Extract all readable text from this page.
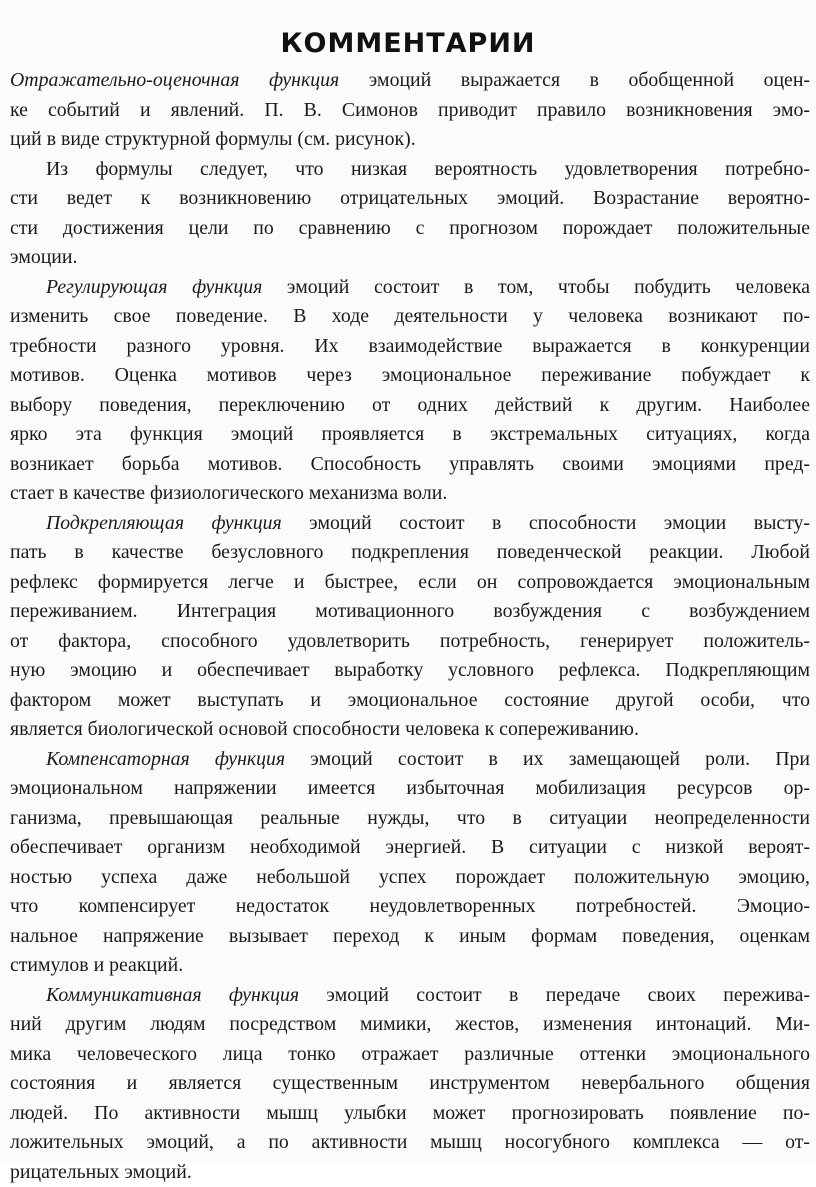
КОММЕНТАРИИ
Отражательно-оценочная функция эмоций выражается в обобщенной оцен-
ке событий и явлений. П. В. Симонов приводит правило возникновения эмо-
ций в виде структурной формулы (см. рисунок).
Из формулы следует, что низкая вероятность удовлетворения потребно-
сти ведет к возникновению отрицательных эмоций. Возрастание вероятно-
сти достижения цели по сравнению с прогнозом порождает положительные
эмоции.
Регулирующая функция эмоций состоит в том, чтобы побудить человека
изменить свое поведение. В ходе деятельности у человека возникают по-
требности разного уровня. Их взаимодействие выражается в конкуренции
мотивов. Оценка мотивов через эмоциональное переживание побуждает к
выбору поведения, переключению от одних действий к другим. Наиболее
ярко эта функция эмоций проявляется в экстремальных ситуациях, когда
возникает борьба мотивов. Способность управлять своими эмоциями пред-
стает в качестве физиологического механизма воли.
Подкрепляющая функция эмоций состоит в способности эмоции высту-
пать в качестве безусловного подкрепления поведенческой реакции. Любой
рефлекс формируется легче и быстрее, если он сопровождается эмоциональным
переживанием. Интеграция мотивационного возбуждения с возбуждением
от фактора, способного удовлетворить потребность, генерирует положитель-
ную эмоцию и обеспечивает выработку условного рефлекса. Подкрепляющим
фактором может выступать и эмоциональное состояние другой особи, что
является биологической основой способности человека к сопереживанию.
Компенсаторная функция эмоций состоит в их замещающей роли. При
эмоциональном напряжении имеется избыточная мобилизация ресурсов ор-
ганизма, превышающая реальные нужды, что в ситуации неопределенности
обеспечивает организм необходимой энергией. В ситуации с низкой вероят-
ностью успеха даже небольшой успех порождает положительную эмоцию,
что компенсирует недостаток неудовлетворенных потребностей. Эмоцио-
нальное напряжение вызывает переход к иным формам поведения, оценкам
стимулов и реакций.
Коммуникативная функция эмоций состоит в передаче своих пережива-
ний другим людям посредством мимики, жестов, изменения интонаций. Ми-
мика человеческого лица тонко отражает различные оттенки эмоционального
состояния и является существенным инструментом невербального общения
людей. По активности мышц улыбки может прогнозировать появление по-
ложительных эмоций, а по активности мышц носогубного комплекса — от-
рицательных эмоций.
